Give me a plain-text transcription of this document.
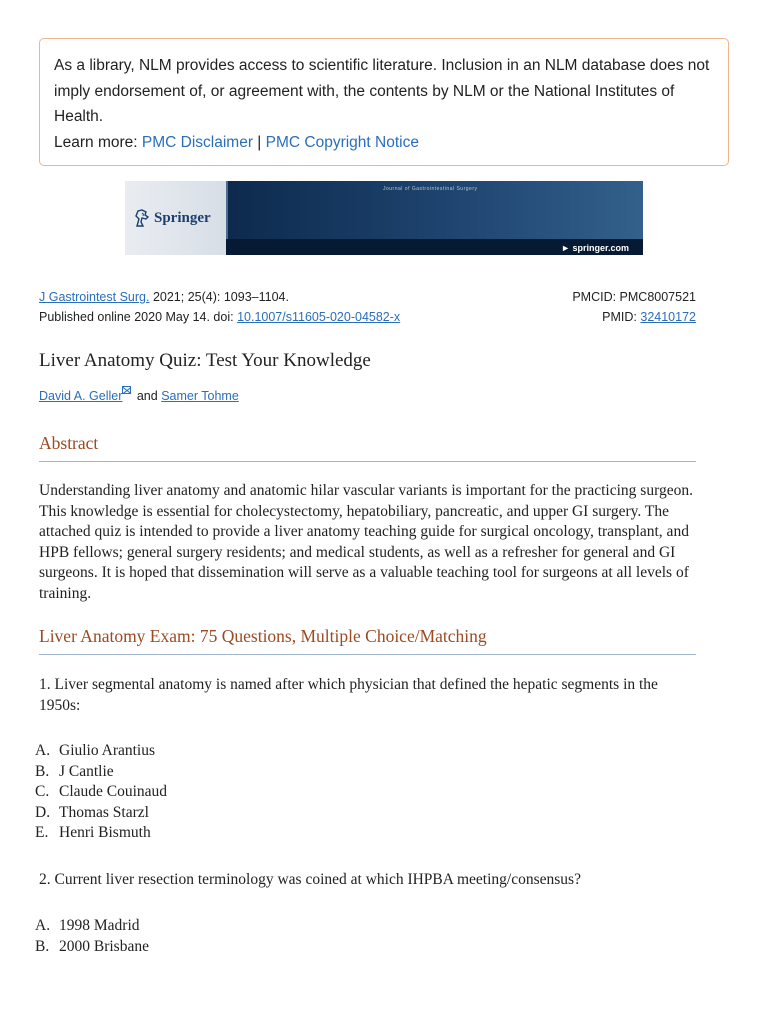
As a library, NLM provides access to scientific literature. Inclusion in an NLM database does not imply endorsement of, or agreement with, the contents by NLM or the National Institutes of Health.
Learn more: PMC Disclaimer | PMC Copyright Notice
Springer
Journal of Gastrointestinal Surgery
► springer.com
J Gastrointest Surg. 2021; 25(4): 1093–1104.
Published online 2020 May 14. doi: 10.1007/s11605-020-04582-x
PMCID: PMC8007521
PMID: 32410172
Liver Anatomy Quiz: Test Your Knowledge
David A. Geller and Samer Tohme
Abstract

Understanding liver anatomy and anatomic hilar vascular variants is important for the practicing surgeon. This knowledge is essential for cholecystectomy, hepatobiliary, pancreatic, and upper GI surgery. The attached quiz is intended to provide a liver anatomy teaching guide for surgical oncology, transplant, and HPB fellows; general surgery residents; and medical students, as well as a refresher for general and GI surgeons. It is hoped that dissemination will serve as a valuable teaching tool for surgeons at all levels of training.

Liver Anatomy Exam: 75 Questions, Multiple Choice/Matching

1. Liver segmental anatomy is named after which physician that defined the hepatic segments in the 1950s:

A. Giulio Arantius
B. J Cantlie
C. Claude Couinaud
D. Thomas Starzl
E. Henri Bismuth

2. Current liver resection terminology was coined at which IHPBA meeting/consensus?

A. 1998 Madrid
B. 2000 Brisbane
